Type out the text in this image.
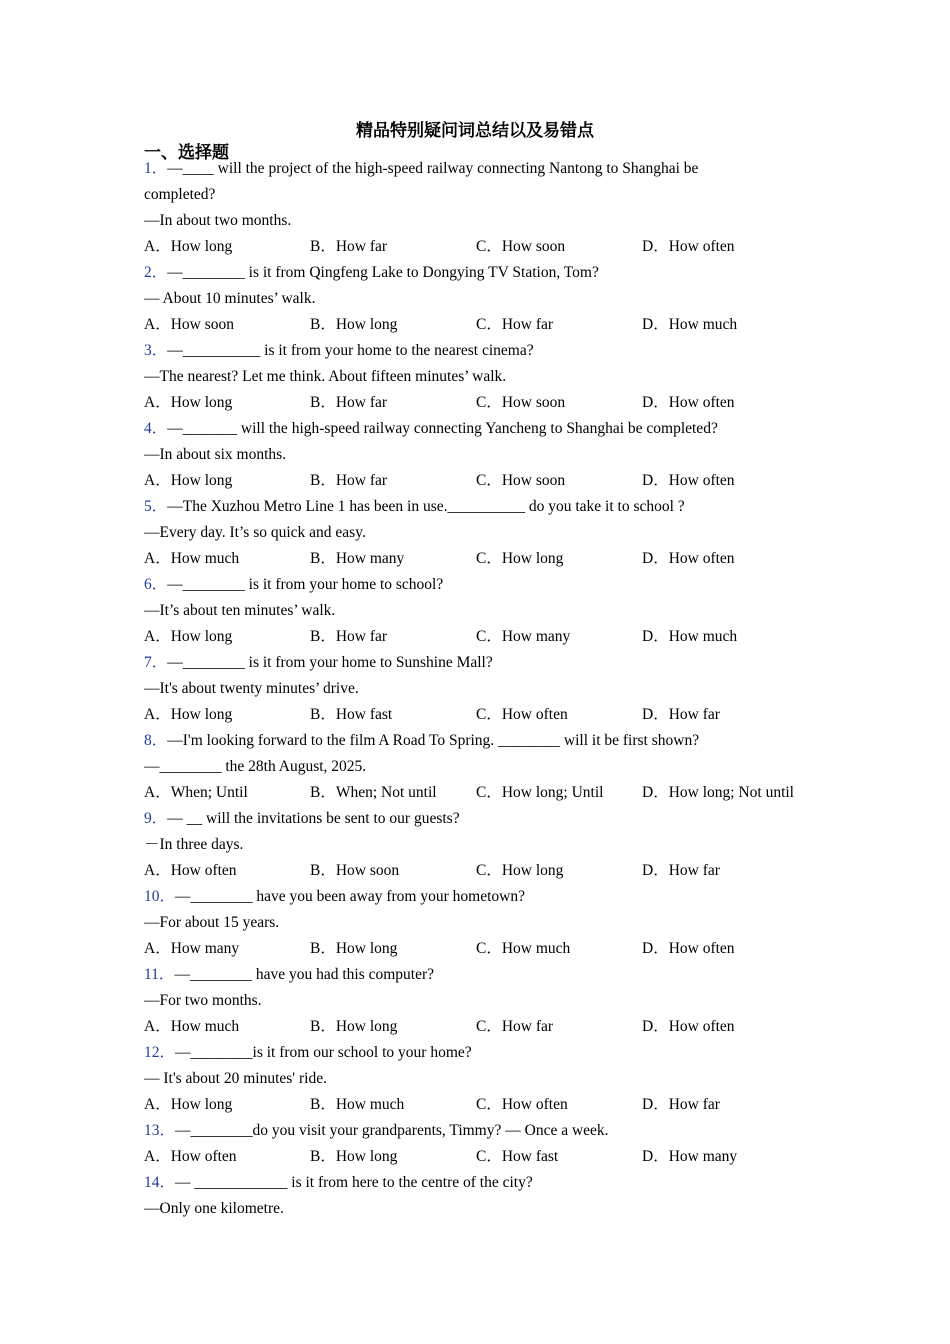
精品特别疑问词总结以及易错点
一、选择题
1．—____ will the project of the high-speed railway connecting Nantong to Shanghai be
completed?
—In about two months.
A．How long	B．How far	C．How soon	D．How often
2．—________ is it from Qingfeng Lake to Dongying TV Station, Tom?
— About 10 minutes’ walk.
A．How soon	B．How long	C．How far	D．How much
3．—__________ is it from your home to the nearest cinema?
—The nearest? Let me think. About fifteen minutes’ walk.
A．How long	B．How far	C．How soon	D．How often
4．—_______ will the high-speed railway connecting Yancheng to Shanghai be completed?
—In about six months.
A．How long	B．How far	C．How soon	D．How often
5．—The Xuzhou Metro Line 1 has been in use.__________ do you take it to school ?
—Every day. It’s so quick and easy.
A．How much	B．How many	C．How long	D．How often
6．—________ is it from your home to school?
—It’s about ten minutes’ walk.
A．How long	B．How far	C．How many	D．How much
7．—________ is it from your home to Sunshine Mall?
—It's about twenty minutes’ drive.
A．How long	B．How fast	C．How often	D．How far
8．—I'm looking forward to the film A Road To Spring. ________ will it be first shown?
—________ the 28th August, 2025.
A．When; Until	B．When; Not until	C．How long; Until	D．How long; Not until
9．— __ will the invitations be sent to our guests?
－In three days.
A．How often	B．How soon	C．How long	D．How far
10．—________ have you been away from your hometown?
—For about 15 years.
A．How many	B．How long	C．How much	D．How often
11．—________ have you had this computer?
—For two months.
A．How much	B．How long	C．How far	D．How often
12．—________is it from our school to your home?
— It's about 20 minutes' ride.
A．How long	B．How much	C．How often	D．How far
13．—________do you visit your grandparents, Timmy? — Once a week.
A．How often	B．How long	C．How fast	D．How many
14．— ____________ is it from here to the centre of the city?
—Only one kilometre.
